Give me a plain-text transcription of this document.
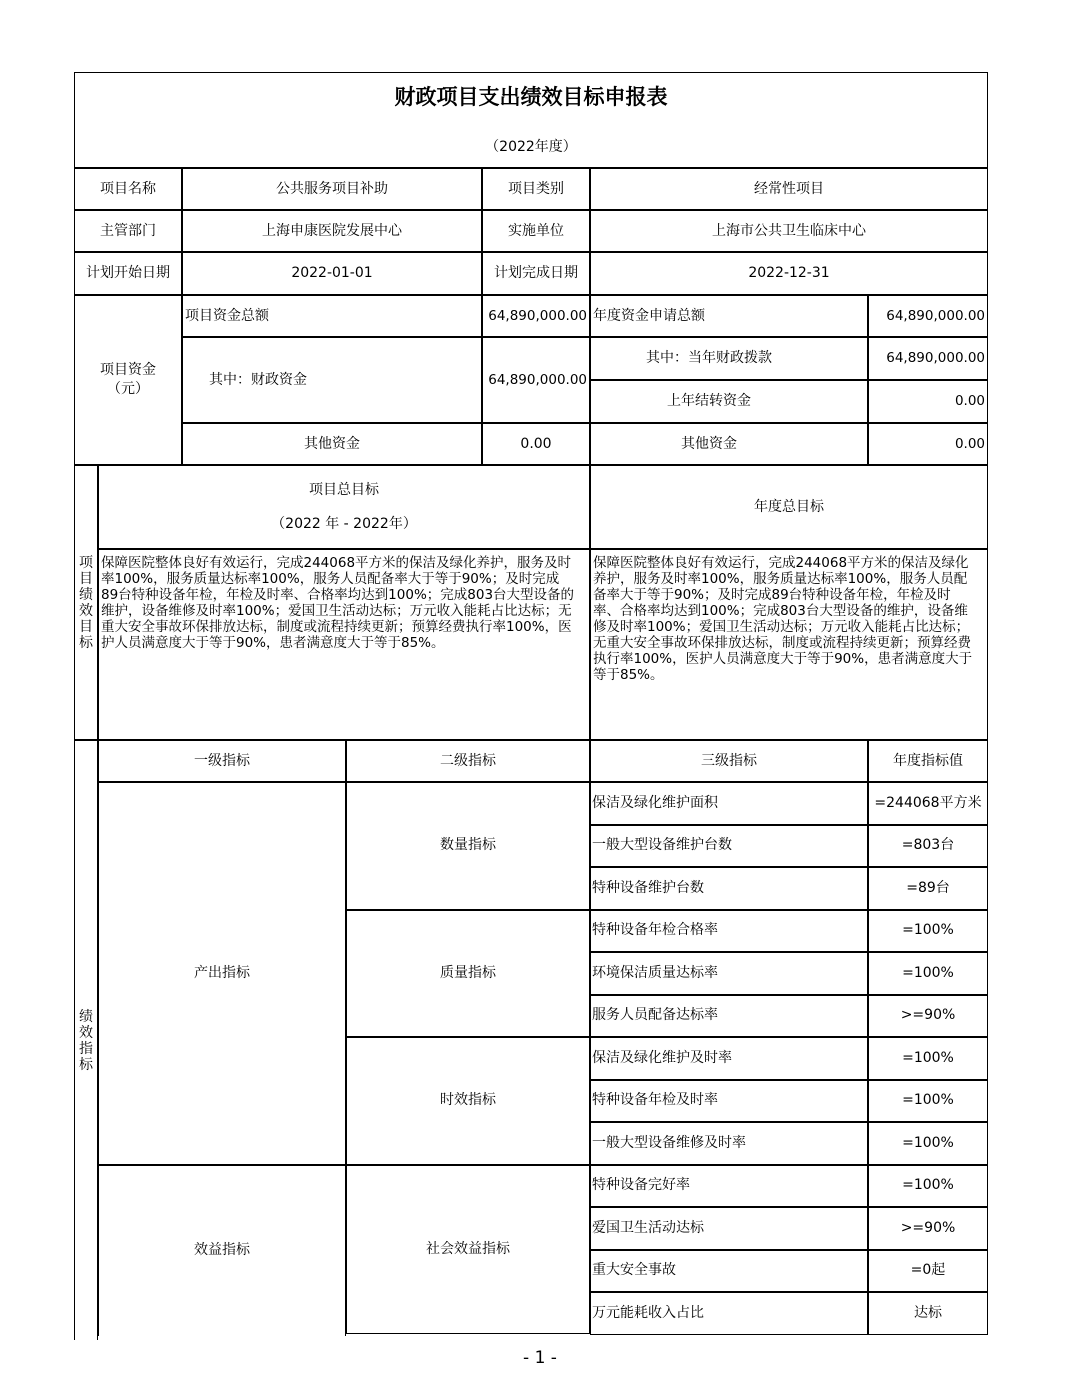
财政项目支出绩效目标申报表
（2022年度）
项目名称	公共服务项目补助	项目类别	经常性项目
主管部门	上海申康医院发展中心	实施单位	上海市公共卫生临床中心
计划开始日期	2022-01-01	计划完成日期	2022-12-31
项目资金（元）
项目资金总额	64,890,000.00 年度资金申请总额	64,890,000.00
其中：财政资金	64,890,000.00
其中：当年财政拨款	64,890,000.00
上年结转资金	0.00
其他资金	0.00	其他资金	0.00
项目绩效目标
项目总目标
（2022 年 - 2022年）
年度总目标
保障医院整体良好有效运行，完成244068平方米的保洁及绿化养护，服务及时率100%，服务质量达标率100%，服务人员配备率大于等于90%；及时完成89台特种设备年检，年检及时率、合格率均达到100%；完成803台大型设备的维护，设备维修及时率100%；爱国卫生活动达标；万元收入能耗占比达标；无重大安全事故环保排放达标，制度或流程持续更新；预算经费执行率100%，医护人员满意度大于等于90%，患者满意度大于等于85%。
保障医院整体良好有效运行，完成244068平方米的保洁及绿化养护，服务及时率100%，服务质量达标率100%，服务人员配备率大于等于90%；及时完成89台特种设备年检，年检及时率、合格率均达到100%；完成803台大型设备的维护，设备维修及时率100%；爱国卫生活动达标；万元收入能耗占比达标；无重大安全事故环保排放达标，制度或流程持续更新；预算经费执行率100%，医护人员满意度大于等于90%，患者满意度大于等于85%。
绩效指标
一级指标	二级指标	三级指标	年度指标值
产出指标
数量指标
保洁及绿化维护面积	=244068平方米
一般大型设备维护台数	=803台
特种设备维护台数	=89台
质量指标
特种设备年检合格率	=100%
环境保洁质量达标率	=100%
服务人员配备达标率	>=90%
时效指标
保洁及绿化维护及时率	=100%
特种设备年检及时率	=100%
一般大型设备维修及时率	=100%
效益指标	社会效益指标
特种设备完好率	=100%
爱国卫生活动达标	>=90%
重大安全事故	=0起
万元能耗收入占比	达标
- 1 -
